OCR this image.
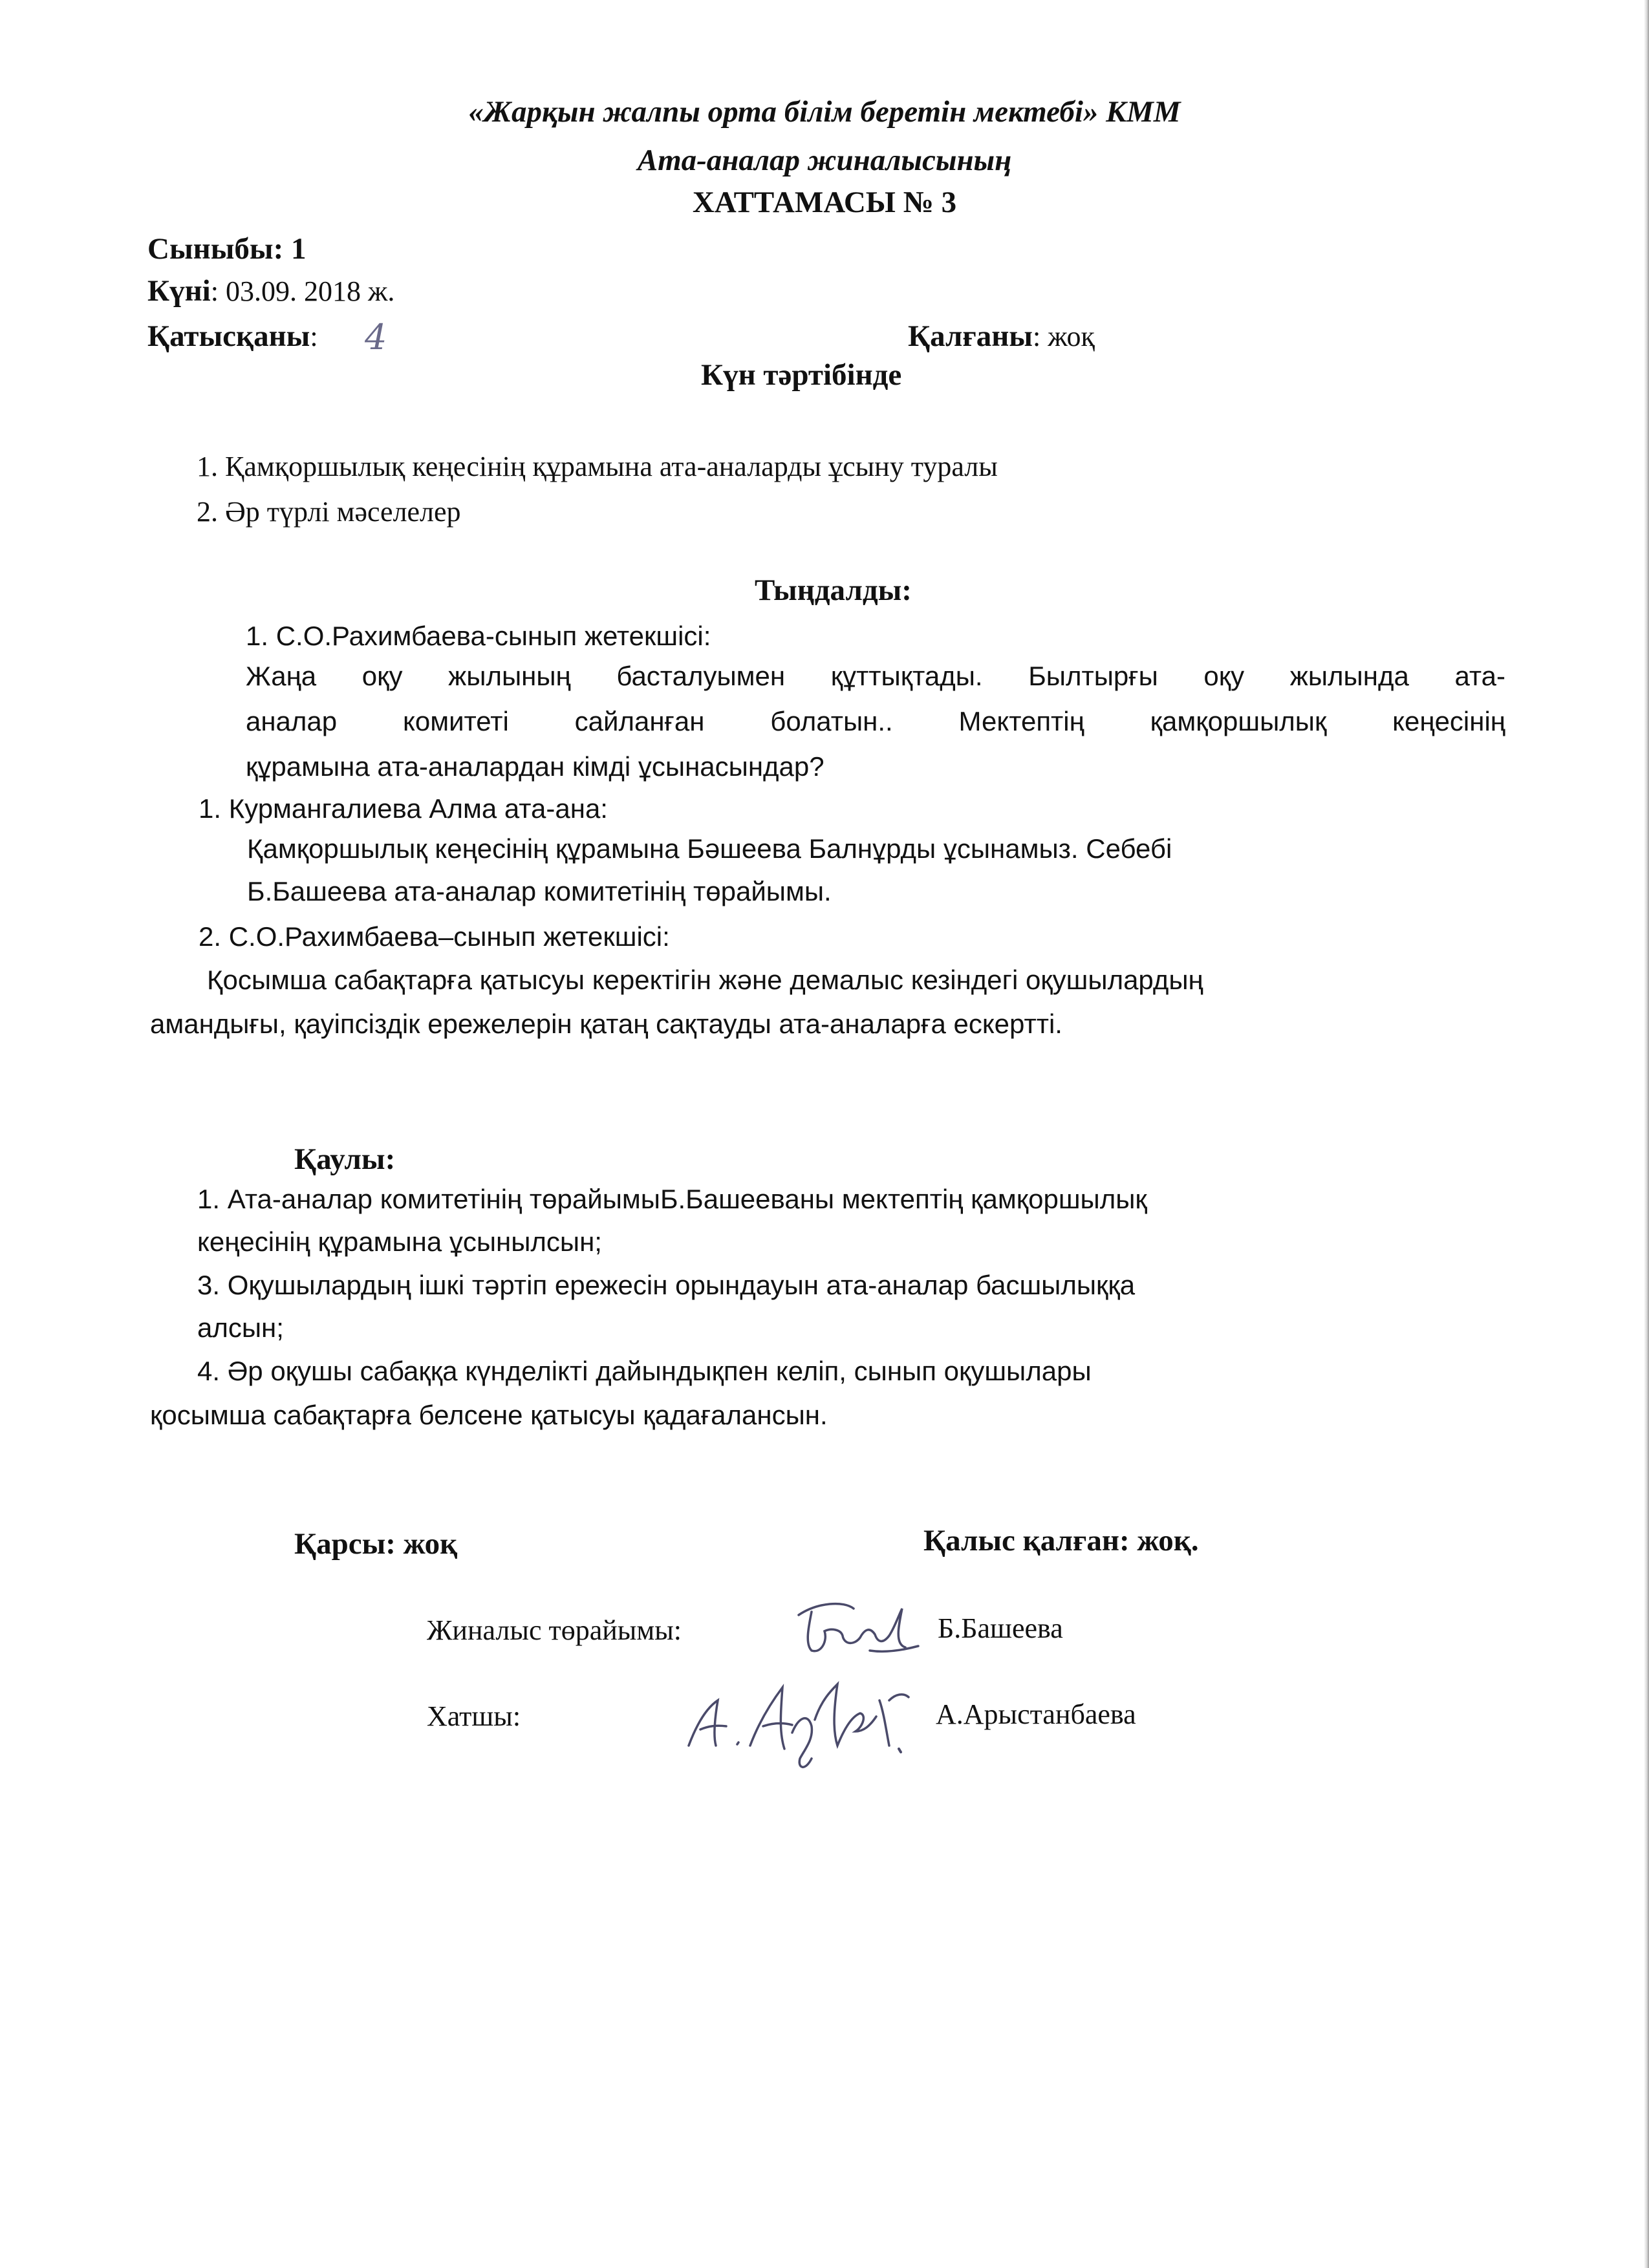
«Жарқын жалпы орта білім беретін мектебі» КММ
Ата-аналар жиналысының
ХАТТАМАСЫ № 3
Сыныбы: 1
Күні: 03.09. 2018 ж.
Қатысқаны: 4	Қалғаны: жоқ
Күн тәртібінде
1. Қамқоршылық кеңесінің құрамына ата-аналарды ұсыну туралы
2. Әр түрлі мәселелер
Тыңдалды:
1. С.О.Рахимбаева-сынып жетекшісі:
Жаңа оқу жылының басталуымен құттықтады. Былтырғы оқу жылында ата-
аналар комитеті сайланған болатын.. Мектептің қамқоршылық кеңесінің
құрамына ата-аналардан кімді ұсынасындар?
1. Курмангалиева Алма ата-ана:
Қамқоршылық кеңесінің құрамына Бәшеева Балнұрды ұсынамыз. Себебі
Б.Башеева ата-аналар комитетінің төрайымы.
2. С.О.Рахимбаева–сынып жетекшісі:
Қосымша сабақтарға қатысуы керектігін және демалыс кезіндегі оқушылардың
амандығы, қауіпсіздік ережелерін қатаң сақтауды ата-аналарға ескертті.
Қаулы:
1. Ата-аналар комитетінің төрайымыБ.Башееваны мектептің қамқоршылық
кеңесінің құрамына ұсынылсын;
3. Оқушылардың ішкі тәртіп ережесін орындауын ата-аналар басшылыққа
алсын;
4. Әр оқушы сабаққа күнделікті дайындықпен келіп, сынып оқушылары
қосымша сабақтарға белсене қатысуы қадағалансын.
Қарсы: жоқ	Қалыс қалған: жоқ.
Жиналыс төрайымы:	Б.Башеева
Хатшы:	А.Арыстанбаева
